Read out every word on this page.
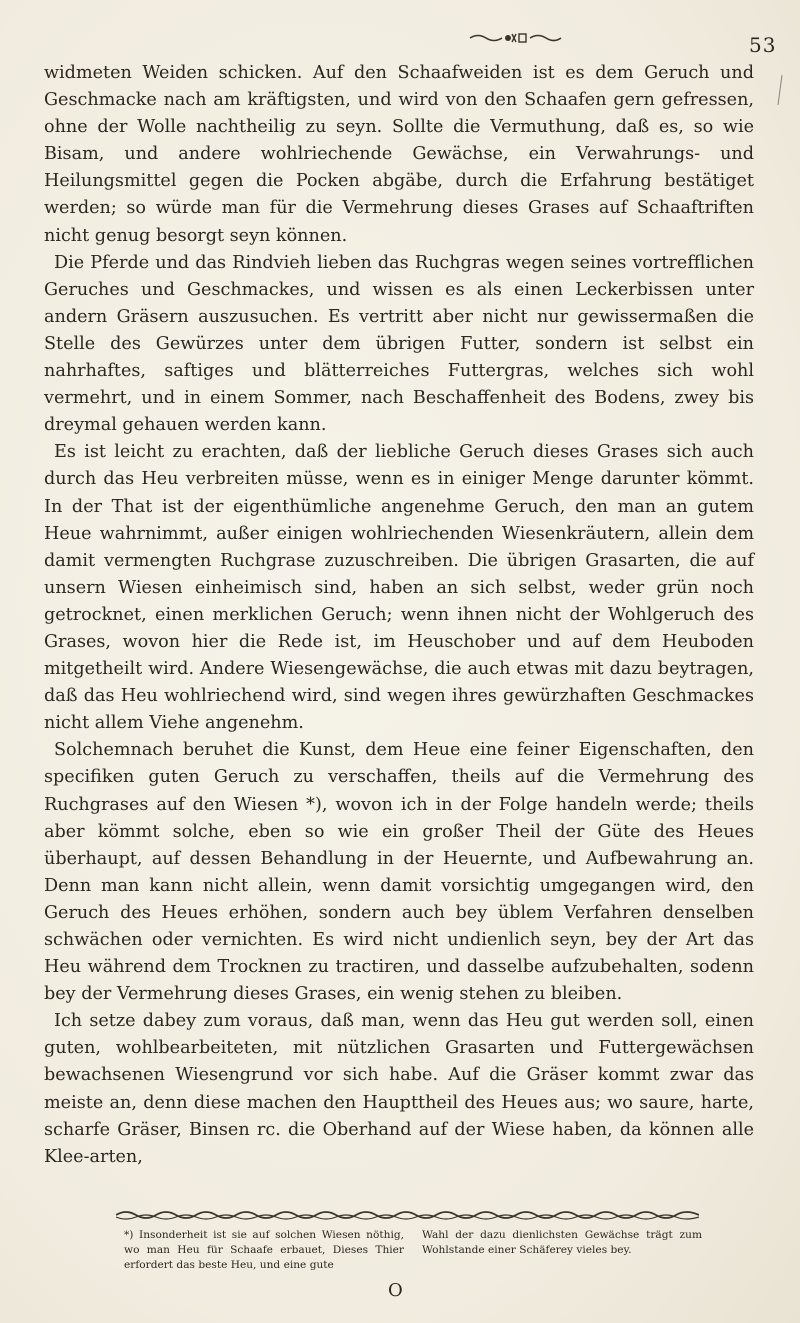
53

widmeten Weiden schicken. Auf den Schaafweiden ist es dem Geruch und Geschmacke nach am kräftigsten, und wird von den Schaafen gern gefressen, ohne der Wolle nachtheilig zu seyn. Sollte die Vermuthung, daß es, so wie Bisam, und andere wohlriechende Gewächse, ein Verwahrungs- und Heilungsmittel gegen die Pocken abgäbe, durch die Erfahrung bestätiget werden; so würde man für die Vermehrung dieses Grases auf Schaaftriften nicht genug besorgt seyn können.

Die Pferde und das Rindvieh lieben das Ruchgras wegen seines vortrefflichen Geruches und Geschmackes, und wissen es als einen Leckerbissen unter andern Gräsern auszusuchen. Es vertritt aber nicht nur gewissermaßen die Stelle des Gewürzes unter dem übrigen Futter, sondern ist selbst ein nahrhaftes, saftiges und blätterreiches Futtergras, welches sich wohl vermehrt, und in einem Sommer, nach Beschaffenheit des Bodens, zwey bis dreymal gehauen werden kann.

Es ist leicht zu erachten, daß der liebliche Geruch dieses Grases sich auch durch das Heu verbreiten müsse, wenn es in einiger Menge darunter kömmt. In der That ist der eigenthümliche angenehme Geruch, den man an gutem Heue wahrnimmt, außer einigen wohlriechenden Wiesenkräutern, allein dem damit vermengten Ruchgrase zuzuschreiben. Die übrigen Grasarten, die auf unsern Wiesen einheimisch sind, haben an sich selbst, weder grün noch getrocknet, einen merklichen Geruch; wenn ihnen nicht der Wohlgeruch des Grases, wovon hier die Rede ist, im Heuschober und auf dem Heuboden mitgetheilt wird. Andere Wiesengewächse, die auch etwas mit dazu beytragen, daß das Heu wohlriechend wird, sind wegen ihres gewürzhaften Geschmackes nicht allem Viehe angenehm.

Solchemnach beruhet die Kunst, dem Heue eine feiner Eigenschaften, den specifiken guten Geruch zu verschaffen, theils auf die Vermehrung des Ruchgrases auf den Wiesen *), wovon ich in der Folge handeln werde; theils aber kömmt solche, eben so wie ein großer Theil der Güte des Heues überhaupt, auf dessen Behandlung in der Heuernte, und Aufbewahrung an. Denn man kann nicht allein, wenn damit vorsichtig umgegangen wird, den Geruch des Heues erhöhen, sondern auch bey üblem Verfahren denselben schwächen oder vernichten. Es wird nicht undienlich seyn, bey der Art das Heu während dem Trocknen zu tractiren, und dasselbe aufzubehalten, sodenn bey der Vermehrung dieses Grases, ein wenig stehen zu bleiben.

Ich setze dabey zum voraus, daß man, wenn das Heu gut werden soll, einen guten, wohlbearbeiteten, mit nützlichen Grasarten und Futtergewächsen bewachsenen Wiesengrund vor sich habe. Auf die Gräser kommt zwar das meiste an, denn diese machen den Haupttheil des Heues aus; wo saure, harte, scharfe Gräser, Binsen rc. die Oberhand auf der Wiese haben, da können alle Klee-arten,

*) Insonderheit ist sie auf solchen Wiesen nöthig, wo man Heu für Schaafe erbauet, Dieses Thier erfordert das beste Heu, und eine gute

Wahl der dazu dienlichsten Gewächse trägt zum Wohlstande einer Schäferey vieles bey.

O
